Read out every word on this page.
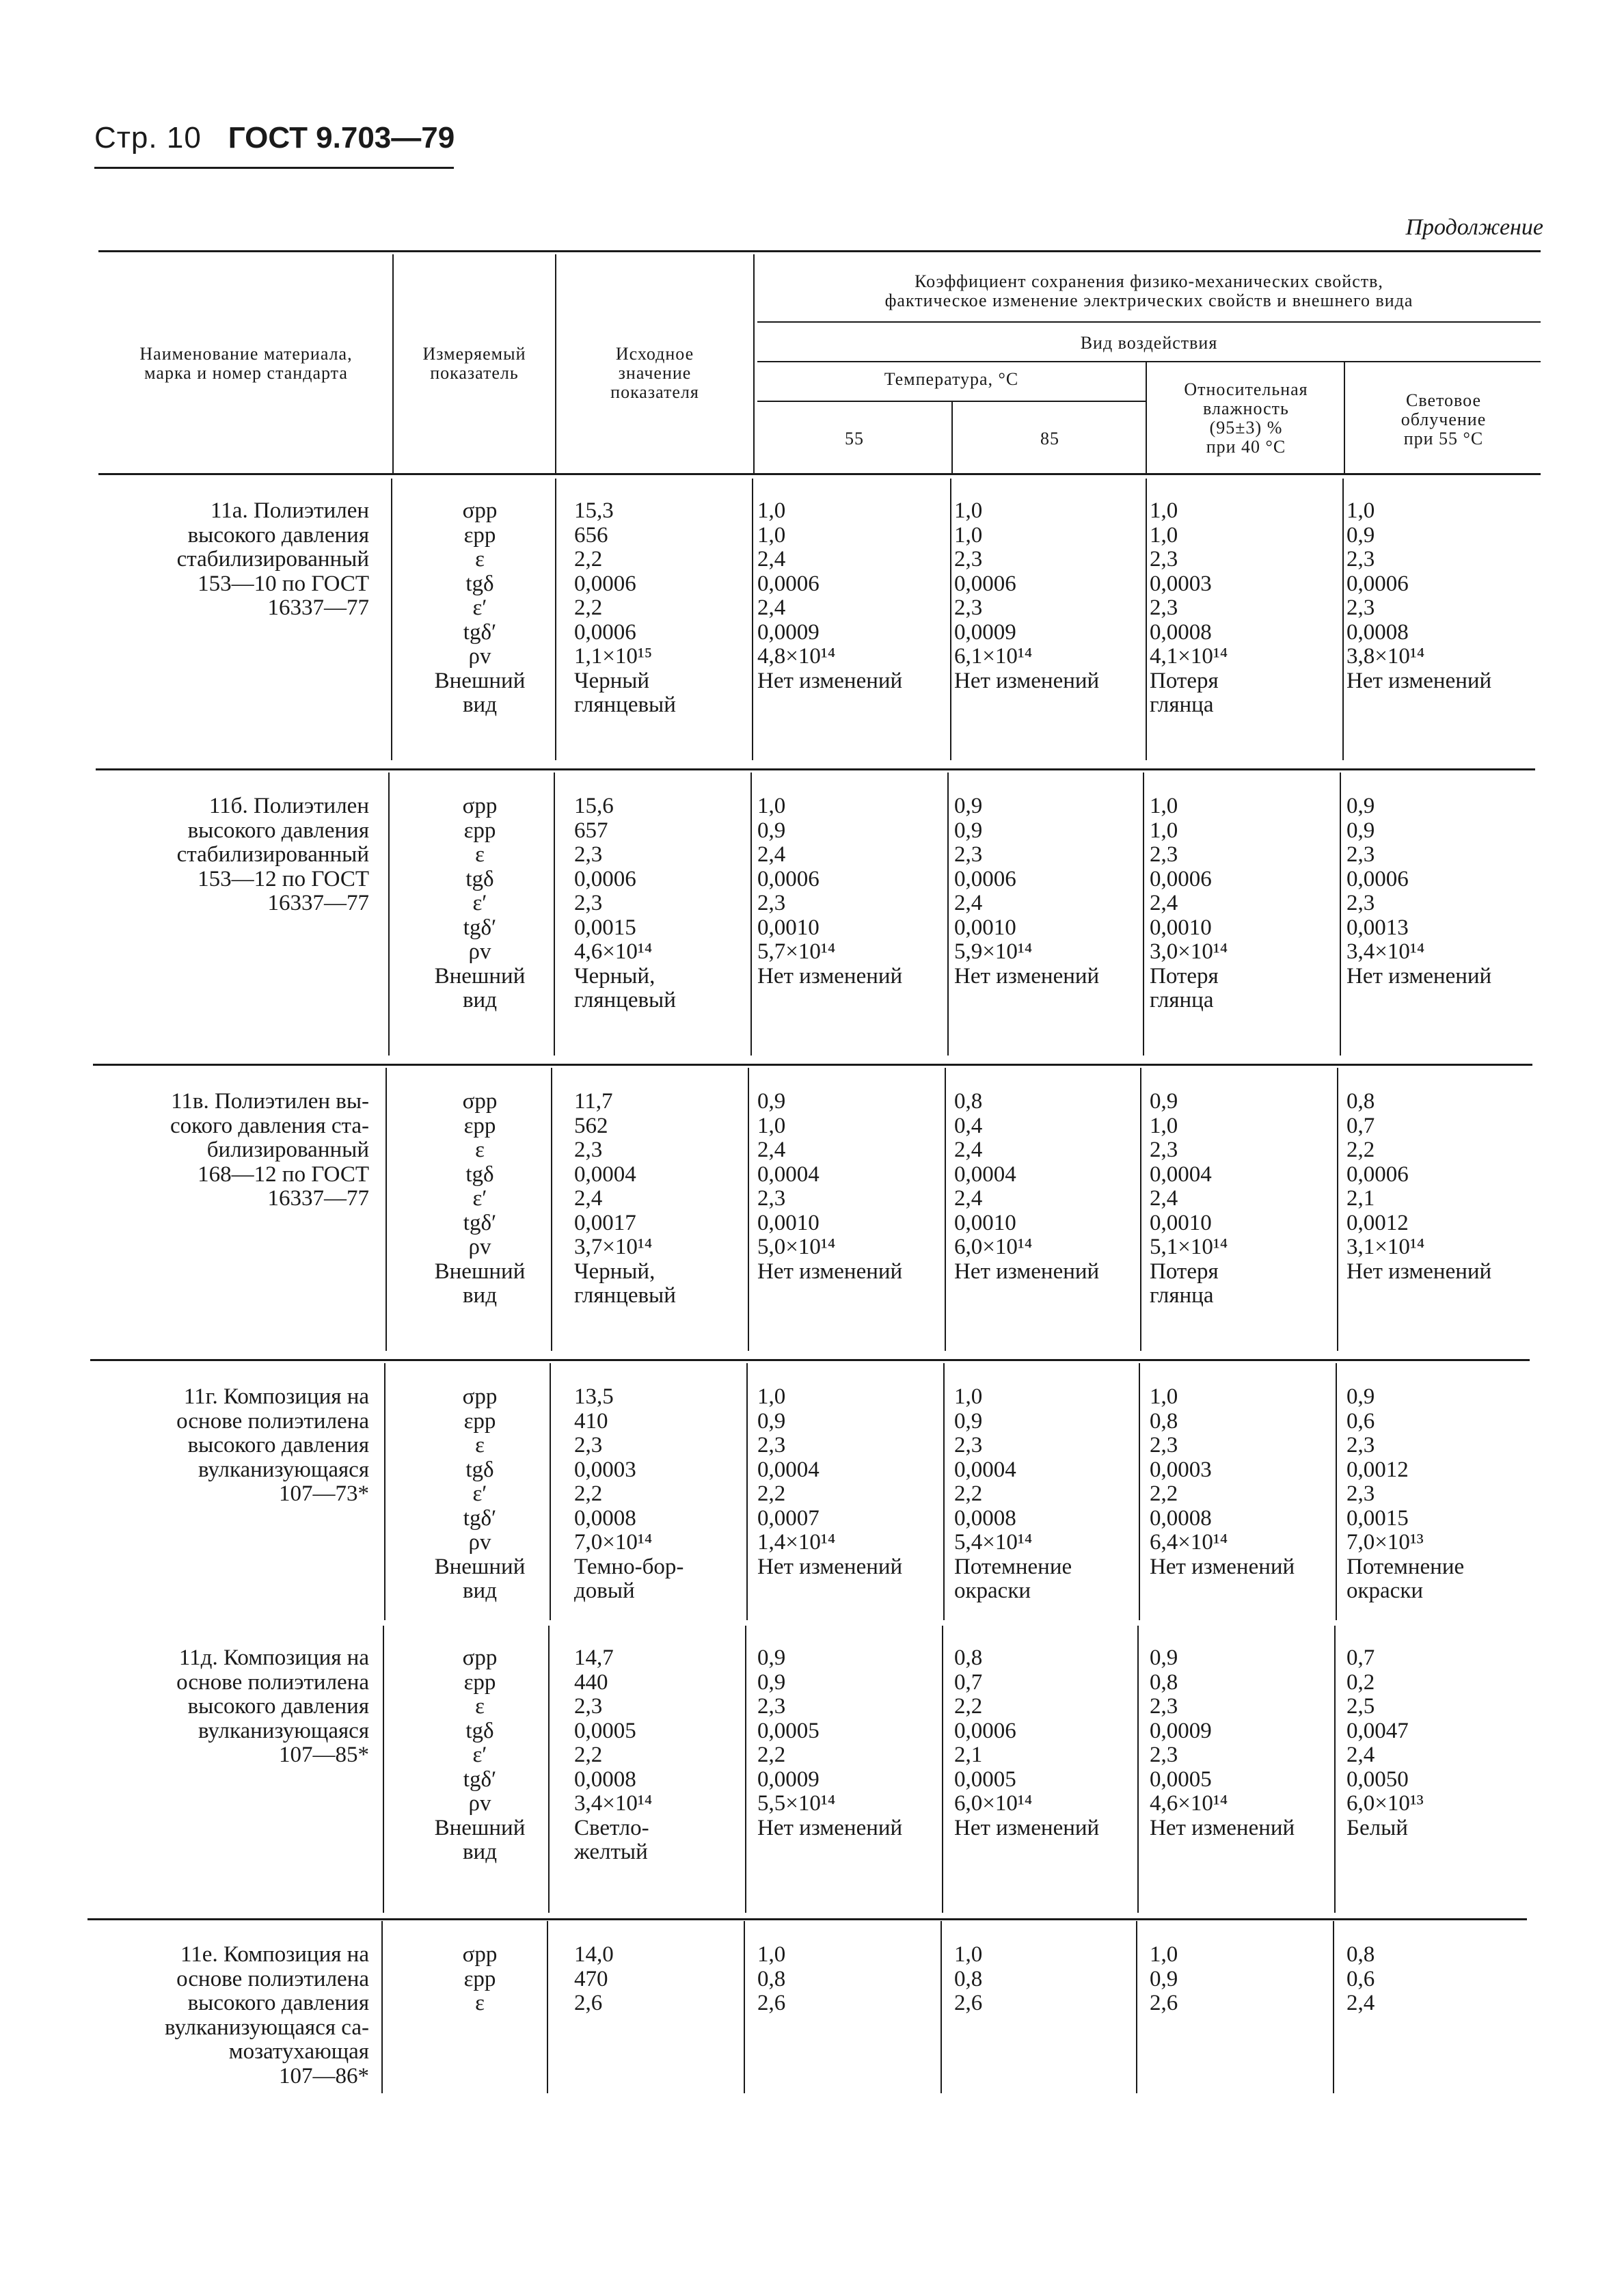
Стр. 10 ГОСТ 9.703—79
Продолжение
Наименование материала,
марка и номер стандарта
Измеряемый
показатель
Исходное
значение
показателя
Коэффициент сохранения физико-механических свойств,
фактическое изменение электрических свойств и внешнего вида
Вид воздействия
Температура, °С
55	85
Относительная
влажность
(95±3) %
при 40 °С
Световое
облучение
при 55 °С
11а. Полиэтилен
высокого давления
стабилизированный
153—10 по ГОСТ
16337—77
σрр
εрр
ε
tgδ
ε′
tgδ′
ρv
Внешний
вид
15,3
656
2,2
0,0006
2,2
0,0006
1,1×10¹⁵
Черный
глянцевый
1,0
1,0
2,4
0,0006
2,4
0,0009
4,8×10¹⁴
Нет изменений
1,0
1,0
2,3
0,0006
2,3
0,0009
6,1×10¹⁴
Нет изменений
1,0
1,0
2,3
0,0003
2,3
0,0008
4,1×10¹⁴
Потеря
глянца
1,0
0,9
2,3
0,0006
2,3
0,0008
3,8×10¹⁴
Нет изменений
11б. Полиэтилен
высокого давления
стабилизированный
153—12 по ГОСТ
16337—77
σрр
εрр
ε
tgδ
ε′
tgδ′
ρv
Внешний
вид
15,6
657
2,3
0,0006
2,3
0,0015
4,6×10¹⁴
Черный,
глянцевый
1,0
0,9
2,4
0,0006
2,3
0,0010
5,7×10¹⁴
Нет изменений
0,9
0,9
2,3
0,0006
2,4
0,0010
5,9×10¹⁴
Нет изменений
1,0
1,0
2,3
0,0006
2,4
0,0010
3,0×10¹⁴
Потеря
глянца
0,9
0,9
2,3
0,0006
2,3
0,0013
3,4×10¹⁴
Нет изменений
11в. Полиэтилен вы-
сокого давления ста-
билизированный
168—12 по ГОСТ
16337—77
σрр
εрр
ε
tgδ
ε′
tgδ′
ρv
Внешний
вид
11,7
562
2,3
0,0004
2,4
0,0017
3,7×10¹⁴
Черный,
глянцевый
0,9
1,0
2,4
0,0004
2,3
0,0010
5,0×10¹⁴
Нет изменений
0,8
0,4
2,4
0,0004
2,4
0,0010
6,0×10¹⁴
Нет изменений
0,9
1,0
2,3
0,0004
2,4
0,0010
5,1×10¹⁴
Потеря
глянца
0,8
0,7
2,2
0,0006
2,1
0,0012
3,1×10¹⁴
Нет изменений
11г. Композиция на
основе полиэтилена
высокого давления
вулканизующаяся
107—73*
σрр
εрр
ε
tgδ
ε′
tgδ′
ρv
Внешний
вид
13,5
410
2,3
0,0003
2,2
0,0008
7,0×10¹⁴
Темно-бор-
довый
1,0
0,9
2,3
0,0004
2,2
0,0007
1,4×10¹⁴
Нет изменений
1,0
0,9
2,3
0,0004
2,2
0,0008
5,4×10¹⁴
Потемнение
окраски
1,0
0,8
2,3
0,0003
2,2
0,0008
6,4×10¹⁴
Нет изменений
0,9
0,6
2,3
0,0012
2,3
0,0015
7,0×10¹³
Потемнение
окраски
11д. Композиция на
основе полиэтилена
высокого давления
вулканизующаяся
107—85*
σрр
εрр
ε
tgδ
ε′
tgδ′
ρv
Внешний
вид
14,7
440
2,3
0,0005
2,2
0,0008
3,4×10¹⁴
Светло-
желтый
0,9
0,9
2,3
0,0005
2,2
0,0009
5,5×10¹⁴
Нет изменений
0,8
0,7
2,2
0,0006
2,1
0,0005
6,0×10¹⁴
Нет изменений
0,9
0,8
2,3
0,0009
2,3
0,0005
4,6×10¹⁴
Нет изменений
0,7
0,2
2,5
0,0047
2,4
0,0050
6,0×10¹³
Белый
11е. Композиция на
основе полиэтилена
высокого давления
вулканизующаяся са-
мозатухающая
107—86*
σрр
εрр
ε
14,0
470
2,6
1,0
0,8
2,6
1,0
0,8
2,6
1,0
0,9
2,6
0,8
0,6
2,4
